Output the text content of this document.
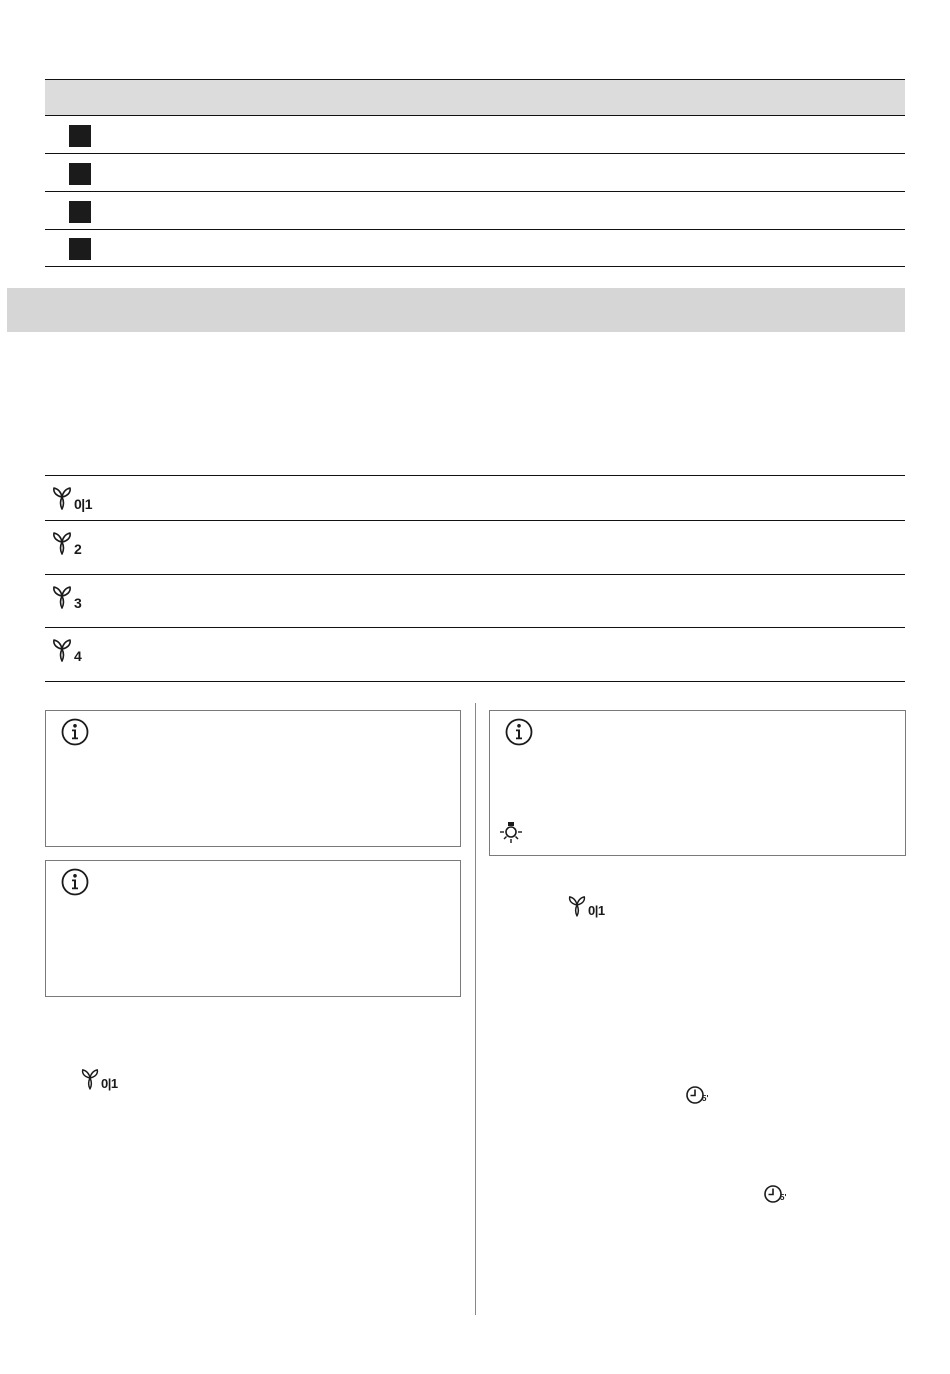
0|1
2
3
4
0|1
0|1
5'
5'
